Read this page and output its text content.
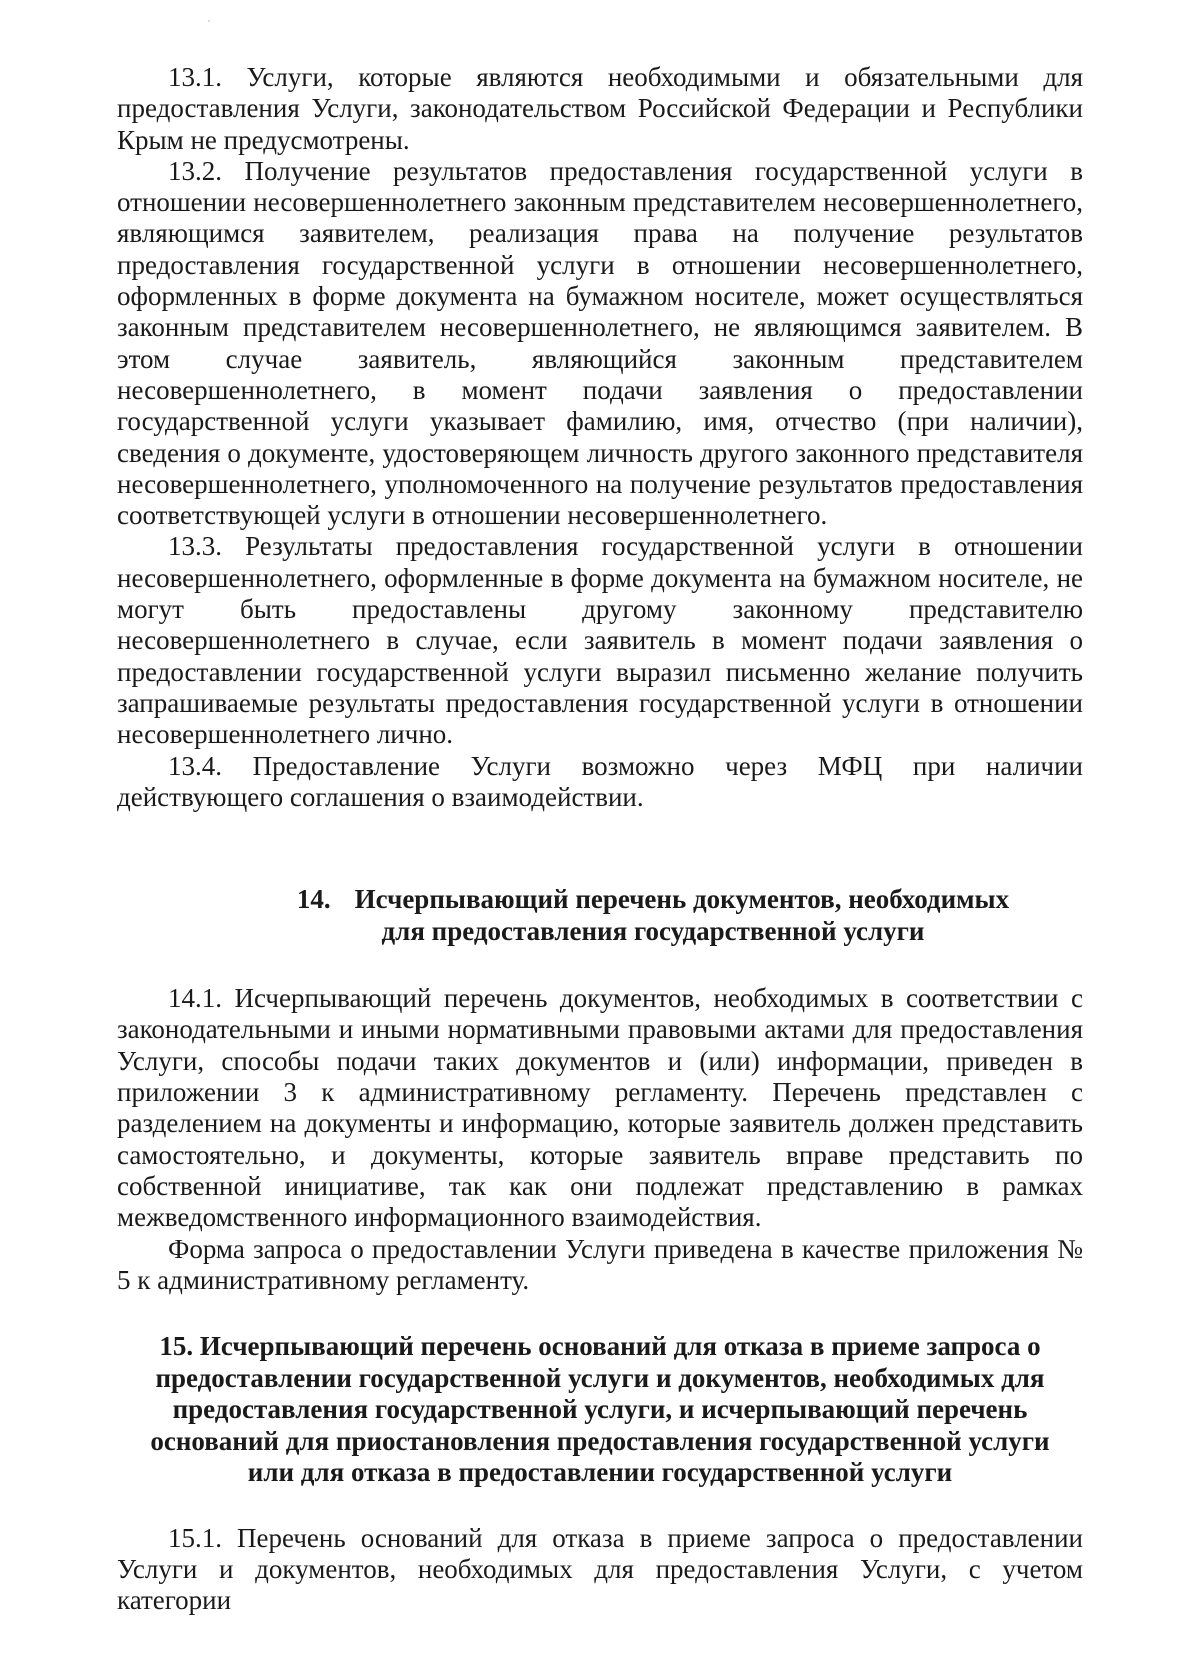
13.1. Услуги, которые являются необходимыми и обязательными для предоставления Услуги, законодательством Российской Федерации и Республики Крым не предусмотрены.

13.2. Получение результатов предоставления государственной услуги в отношении несовершеннолетнего законным представителем несовершеннолетнего, являющимся заявителем, реализация права на получение результатов предоставления государственной услуги в отношении несовершеннолетнего, оформленных в форме документа на бумажном носителе, может осуществляться законным представителем несовершеннолетнего, не являющимся заявителем. В этом случае заявитель, являющийся законным представителем несовершеннолетнего, в момент подачи заявления о предоставлении государственной услуги указывает фамилию, имя, отчество (при наличии), сведения о документе, удостоверяющем личность другого законного представителя несовершеннолетнего, уполномоченного на получение результатов предоставления соответствующей услуги в отношении несовершеннолетнего.

13.3. Результаты предоставления государственной услуги в отношении несовершеннолетнего, оформленные в форме документа на бумажном носителе, не могут быть предоставлены другому законному представителю несовершеннолетнего в случае, если заявитель в момент подачи заявления о предоставлении государственной услуги выразил письменно желание получить запрашиваемые результаты предоставления государственной услуги в отношении несовершеннолетнего лично.

13.4. Предоставление Услуги возможно через МФЦ при наличии действующего соглашения о взаимодействии.

14. Исчерпывающий перечень документов, необходимых
для предоставления государственной услуги

14.1. Исчерпывающий перечень документов, необходимых в соответствии с законодательными и иными нормативными правовыми актами для предоставления Услуги, способы подачи таких документов и (или) информации, приведен в приложении 3 к административному регламенту. Перечень представлен с разделением на документы и информацию, которые заявитель должен представить самостоятельно, и документы, которые заявитель вправе представить по собственной инициативе, так как они подлежат представлению в рамках межведомственного информационного взаимодействия.

Форма запроса о предоставлении Услуги приведена в качестве приложения № 5 к административному регламенту.

15. Исчерпывающий перечень оснований для отказа в приеме запроса о
предоставлении государственной услуги и документов, необходимых для
предоставления государственной услуги, и исчерпывающий перечень
оснований для приостановления предоставления государственной услуги
или для отказа в предоставлении государственной услуги

15.1. Перечень оснований для отказа в приеме запроса о предоставлении Услуги и документов, необходимых для предоставления Услуги, с учетом категории
